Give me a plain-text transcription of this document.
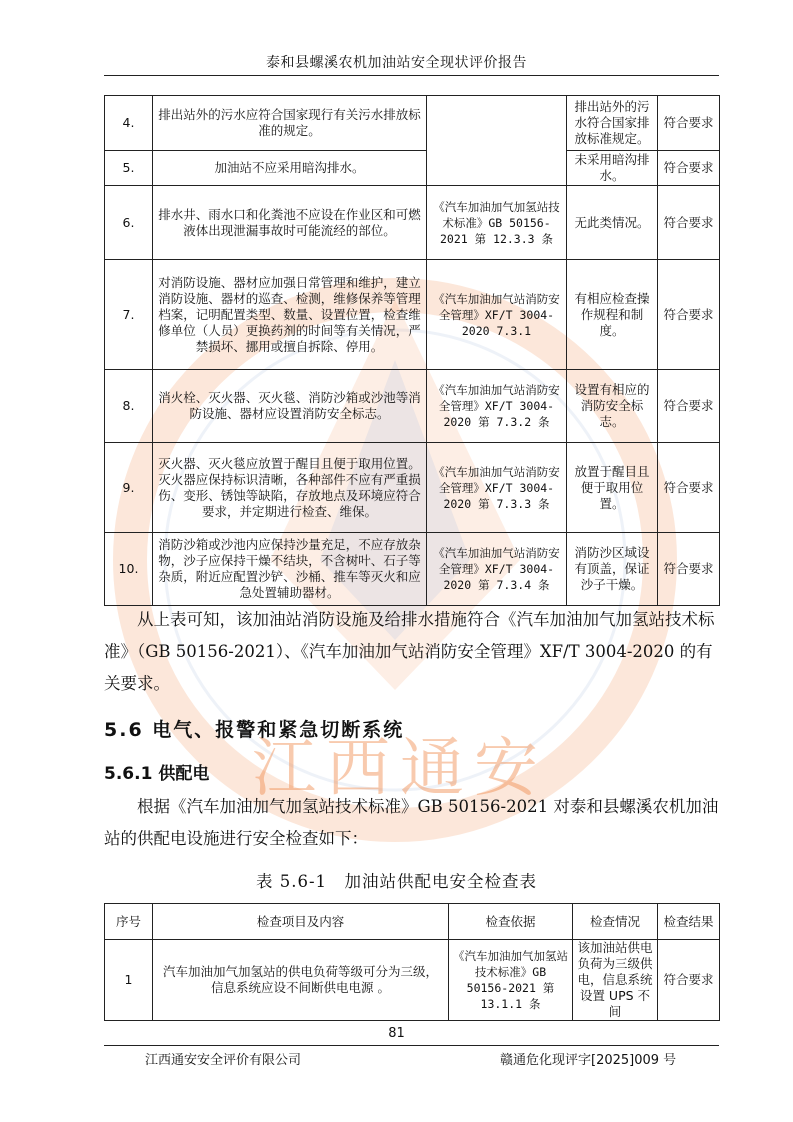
江西通安
泰和县螺溪农机加油站安全现状评价报告
4.	排出站外的污水应符合国家现行有关污水排放标准的规定。		排出站外的污水符合国家排放标准规定。	符合要求
5.	加油站不应采用暗沟排水。		未采用暗沟排水。	符合要求
6.	排水井、雨水口和化粪池不应设在作业区和可燃液体出现泄漏事故时可能流经的部位。	《汽车加油加气加氢站技术标准》GB 50156-2021 第 12.3.3 条	无此类情况。	符合要求
7.	对消防设施、器材应加强日常管理和维护，建立消防设施、器材的巡查、检测，维修保养等管理档案，记明配置类型、数量、设置位置，检查维修单位（人员）更换药剂的时间等有关情况，严禁损坏、挪用或擅自拆除、停用。	《汽车加油加气站消防安全管理》XF/T 3004-2020 7.3.1	有相应检查操作规程和制度。	符合要求
8.	消火栓、灭火器、灭火毯、消防沙箱或沙池等消防设施、器材应设置消防安全标志。	《汽车加油加气站消防安全管理》XF/T 3004-2020 第 7.3.2 条	设置有相应的消防安全标志。	符合要求
9.	灭火器、灭火毯应放置于醒目且便于取用位置。灭火器应保持标识清晰，各种部件不应有严重损伤、变形、锈蚀等缺陷，存放地点及环境应符合要求，并定期进行检查、维保。	《汽车加油加气站消防安全管理》XF/T 3004-2020 第 7.3.3 条	放置于醒目且便于取用位置。	符合要求
10.	消防沙箱或沙池内应保持沙量充足，不应存放杂物，沙子应保持干燥不结块，不含树叶、石子等杂质，附近应配置沙铲、沙桶、推车等灭火和应急处置辅助器材。	《汽车加油加气站消防安全管理》XF/T 3004-2020 第 7.3.4 条	消防沙区域设有顶盖，保证沙子干燥。	符合要求
从上表可知，该加油站消防设施及给排水措施符合《汽车加油加气加氢站技术标准》（GB 50156-2021）、《汽车加油加气站消防安全管理》XF/T 3004-2020 的有关要求。
5.6 电气、报警和紧急切断系统
5.6.1 供配电
根据《汽车加油加气加氢站技术标准》GB 50156-2021 对泰和县螺溪农机加油站的供配电设施进行安全检查如下：
表 5.6-1　加油站供配电安全检查表
序号	检查项目及内容	检查依据	检查情况	检查结果
1	汽车加油加气加氢站的供电负荷等级可分为三级，信息系统应设不间断供电电源 。	《汽车加油加气加氢站技术标准》GB 50156-2021 第 13.1.1 条	该加油站供电负荷为三级供电，信息系统设置 UPS 不间	符合要求
81
江西通安安全评价有限公司	赣通危化现评字[2025]009 号
